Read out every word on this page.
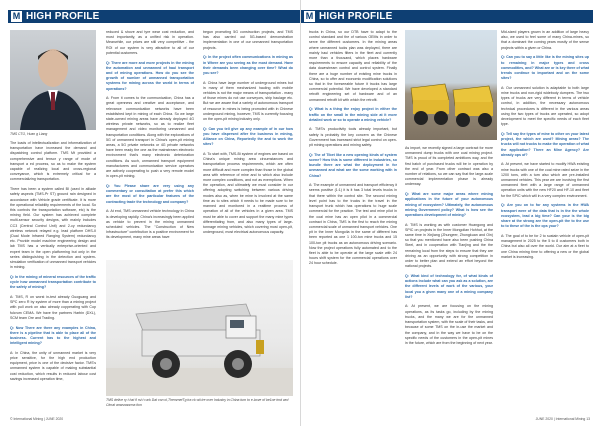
M HIGH PROFILE
TMS CTO, Huan g Liang

The loads of intellectualization and informatization of transportation have increased the demand and dispatching control platform. TMS Mt provided a comprehensive and tensor y range of mode of transport a ed process, so as to make the system capable of realizing local and cross-regional conveyance, which is extremely critical for a commercializing transportation.

There has been a system called BI (used in alliade safety aspects (TMS-Pr ST) ground rain designed in accordance with Vehicle grade certificate. It is more the operational reliability requirements of the local. So this controls the transportation software, etc) is the mining field. Our system has achieved complete multi-sensor security designs, with mainly includes CC3 (Central Control Unit) and 2-cy redundancy wireless network relayed e.g. lead platform DHS-II (Dual Mode Infrared Ranging System) redundancy etc. Provide model machine engineering design and lab TMS has a vertically enterprise-oriented and expert team in the open platforming but only in the series distinguishing in the detection and system-simulation verification of unmanned transport vehicles in mining.

Q: In the mining of mineral resources of the traffic cycle how unmanned transportation contribute to the safety of mining?

A: TMS, R on worst in-test already Guoguang and SPC zero R by system of more than a mining project with pull work on also already copperating with Cop fulcrum CEMA. We have the partners Harbin (DXL), SCM team Ore and Trading.

Q: Now There are there any examples in China, there is a pipeline that is able to place all of the business. Current has to the highest and intelligent mining?

A: In China, the unity of unmanned market is very price sensitive, for the high end production equipment, price is one of the decisive factor. TMS's unmanned system is capable of making substantial cost reduction, which results in reduced labour cost savings increased operation time,

reduced & shove and tyre wear cost reduction, and most importantly, as a unified risk in operation. Meanwhile, our prices are still very competitive - the ROI of our system is very attractive to all of our potential customers.

Q: There are more and more projects in the mining the automation and unmanned of haul transport and of mining operations. How do you see the growth of number of unmanned transportation systems for mining across the world in terms of operations?

A: From it comes to the communication, China has a great openness and creative and acceptance, and relevance communication networks have been established kept in mining of each China. So we large state-owned mining areas have already deployed 4G wireless private networks, so as to realize fleet management and video monitoring unmanned and transportation conditions. Along with the explorations of 5G of unmanned transport in China's open-pit mining areas, a 5G private networks or 4G private networks have been ready the one as the mainstream electronic environment that's many electronic deterioration conditions. As such, unmanned transport equipment manufacturers and communication service operators are actively cooperating to push a very remote model in open-pit mining.

Q: You Please share are very using any commentary or consultation at prefer this which are the most of the particular features of the contracting trade the technology and company?

A: At end, TMS unmanned vehicle technology in China is developing rapidly. China's increasingly been applied as vehicle to prevent in the mining unmanned scheduled vehicles. The "Construction of New Infrastructure" contribution is a positive environment for its development, many mine areas have

begun promoting 5G construction projects, and TMS has also carried out 5G-based demonstration implementation in one of our unmanned transportation projects.

Q: In the project often communications in mining as in Where are you seeing as the most demand. Have their demands been changing over time? What do you see?

A: China have large number of underground mines but in many of them mechanized hauling with mobile vehicles is not the major means of transportation - many of those mines do not use conveyors, ship haulage etc. But we are aware that a variety of autonomous transport of resource in mines is being promoted with in Chinese underground mining, however, TMS is currently focusing on the open-pit mining industry only.

Q: Can you tell give up any example of in our how you have dispersed after the business in mining, Alliance on China, Reportedly the and to work the sites?

A: To start with, TMS-Bi system of engines are based on China's unique mining area circumstances and transportation process requirements, which are often more difficult and more complex than those in the global area with reference of mine and to which also include more complex conditions, and not as exemptions. When the operation, and ultimately we must consider in our offering adopting switching between various driving modes also as, when be mine is involved at the same time as to sites which it needs to be made sure to be manned and monitored in a realtime process of operation of all of the vehicles in a given area. TMS must be able to cover and support the many mine types differentiating from, and also many types of large-tonnage mining vehicles, which covering most open-pit, underground, most electrical autonomous capacity.

TMS delive ry t hat fi rst t ruck Dat con ol,ThemrnetTg tra ck wii tre over Industry in China turn to e-bove of be1oe tmd wrd Ctmat anwsnaorma tion
© International Mining | JUNE 2020
M HIGH PROFILE

trucks in China, so our DTB have to adapt to the control standard and the of various OEMs in order to serve the different customers. In the mining areas where unmanned tucks plan was deployed, there are mainly haul vehicles filters in the fleet and currently more than a thousand, which places hardware requirements to ensure capacity and reliability of the data downstream control and control system. Finally there are a huge number of existing mine trucks in China, so to offer and economic modification solutions so that in the foreseeable future it trucks has large commercial potential. We have developed a standard retrofit engineering set of hardware and of an unmanned retrofit kit with which the retrofit.

Q: What is a thing the enjoy project in either the traffic on the small in the mining side at it more detailed work or so to operate a mining vehicle?

A: TMS's productivity tools already important, but safety is probably the key concern as the Chinese Government has increased strict legal control on open-pit mining operations and mining safety.

Q: The of Tibet like a new opening kinds of system scene? How this is some different in industries, so bundle there are what the deployment in for unmanned and what are the some working with in China?

A: The example of unmanned and transport efficiency it seems positive (1:1) it is it has 3 total levels trucks in that there within the control site. The second mining level point has to the trucks in the travel in the transport trunk which has operations to huge scale commercial for the practice. The test and mine pilot in the coal mine has an open pilot in a commercial contract in China, TMS is the first to reach the mining commercial scale of unmanned transport vehicles. One pit in the Inner Mongolia in the same of different has been reported as one 1 100-ton mine trucks and 15 100-ton pit trucks as an autonomous driving scenario. Now the project operations fully automated and to the fleet is able to be operate at the large scale with 24 hours shift system for the commercial operations over 24 hour schedule.

As import, we recently signed a large contract for more unmanned dump trucks with one coal mining project. TMS is proud of its completed ambitions way, and the first batch of purchased trucks will be in operation by the end of year. From other contract was also a number of relations, so we can say that the large-scale commercial implementation phase is already underway.

Q: What are some major areas where mining applications in the future of your autonomous mining of ecosystem? Ultimately, the autonomous mining Government policy? What is how see the operations development of mining?

A: TMS is working as with customer Huangong and SPIC on projects in the Inner Mongolian Hohhot, at the same time in Xinjiang (Zhungeer, Zhongkuan and Oin) so that you mentioned have also been pushing China Steel, and in cooperation with Tianjing and the the remaining local from the steps to ensure that they are driving as an opportunity with strong competition in order to better plan and extend an effort beyond the national projects.

Q: What kind of technology for, of what kinds of actions include what can you ask as a solution, are the different levels of work of the various, your local you a given many one of a mining company list?

A: At present, we are focusing on the mining operations, as its tasks go, including by the mining trucks, and the many we are for the unmanned transportation system, with the scale of their tasks, and because of some TMS on the in-use the market and the company, and in the way we have to be on the specific needs of the customers in the open-pit mines in the future, which are from the beginning of next year.

Mid-sized players grown in an addition of large heavy also, we used to feel some of many China-mines, so that a dominant the coming years mostly of the sense projects within a given or China.

Q: Can you to say a little like is the mining sites up to remaining in major types and cross commodities, and? What are or is key there of what trends continue to important and on the some sites?

A: Our unmanned solution is adaptable to both large mine trucks and non-rigid widebody dumpers. The two types of trucks are very different in terms of vehicle control, in addition, the necessary autonomous technical procedures is different in the various areas using the two types of trucks are operated, so adopt development to meet the specific needs of each fleet type.

Q: Tell say the types of mine to other on your latest project, the which are used? Mining areas? The trucks will not trucks to make the operation of what the application? There an Mine Agency? Are already ops of?

A: At present, we have started to modify HWA existing mine trucks with one of the coal mine rated seize in the 1200 tons, with a turn also which are pre-installed unmanned vehicles. This year we are involving the first unmanned fleet with a large range of unmanned operation units with the new HF20 and HF-10 and fleet for the SPIC which will in a very complex environment.

Q: Are you on to for any systems in the HWA transport were of the data that is in the the whole ecosystem, lead a big time? Can your is the big share at the strong are the open-pit the to the use to to these of the is the ops your?

A: The goal of to be for 2 to sustain vehicle of open-pit management in 2025 to the 5 to 8 customers both in China but also all over the world. Our aim at a fleet to one China mining time to offering a new or the global market is increasing.

JUNE 2020 | International Mining 13
